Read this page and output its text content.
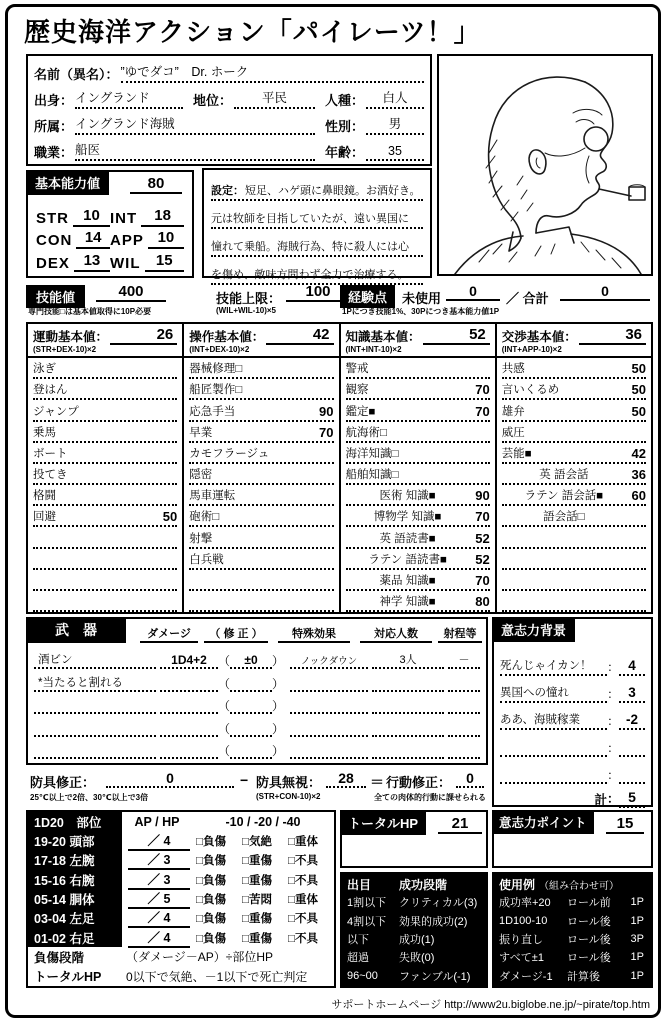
歴史海洋アクション「パイレーツ！」
名前（異名）： ”ゆでダコ”　Dr. ホーク
出身： イングランド	地位：	平民	人種：	白人
所属： イングランド海賊	性別：	男
職業： 船医	年齢：	35
基本能力値	80
STR 10 INT	18
CON 14 APP 10
DEX 13 WIL	15
設定： 短足、ハゲ頭に鼻眼鏡。お酒好き。
元は牧師を目指していたが、遠い異国に
憧れて乗船。海賊行為、特に殺人には心
を傷め、敵味方問わず全力で治療する。
技能値	400
専門技能□は基本値取得に10P必要
技能上限：	100
(WIL+WIL-10)×5
経験点	未使用	0	／ 合計	0
1Pにつき技能1%、30Pにつき基本能力値1P
運動基本値：	26
(STR+DEX-10)×2
泳ぎ
登はん
ジャンプ
乗馬
ボート
投てき
格闘
回避	50
操作基本値：	42
(INT+DEX-10)×2
器械修理□
船匠製作□
応急手当	90
早業	70
カモフラージュ
隠密
馬車運転
砲術□
射撃
白兵戦
知識基本値：	52
(INT+INT-10)×2
警戒
観察	70
鑑定■	70
航海術□
海洋知識□
船舶知識□
医術 知識■	90
博物学 知識■	70
英 語読書■	52
ラテン 語読書■	52
薬品 知識■	70
神学 知識■	80
交渉基本値：	36
(INT+APP-10)×2
共感	50
言いくるめ	50
雄弁	50
威圧
芸能■	42
英 語会話	36
ラテン 語会話■	60
語会話□
武　器	ダメージ	（ 修 正 ）	特殊効果	対応人数	射程等
酒ビン	1D4+2 （	±0	）	ノックダウン	3人	－
*当たると割れる	（	）
（	）
（	）
（	）
意志力背景
死んじゃイカン！	： 4
異国への憧れ	： 3
ああ、海賊稼業	： -2
：
：
計 ： 5
防具修正：	0
25℃以上で2倍、30℃以上で3倍
− 防具無視：	28
(STR+CON-10)×2
＝ 行動修正：	0
全ての肉体的行動に課せられる
1D20　部位	AP / HP	-10 / -20 / -40
19-20 頭部	／ 4	□負傷	□気絶	□重体
17-18 左腕	／ 3	□負傷	□重傷	□不具
15-16 右腕	／ 3	□負傷	□重傷	□不具
05-14 胴体	／ 5	□負傷	□苦悶	□重体
03-04 左足	／ 4	□負傷	□重傷	□不具
01-02 右足	／ 4	□負傷	□重傷	□不具
負傷段階	（ダメージ－AP）÷部位HP
トータルHP	0以下で気絶、－1以下で死亡判定
トータルHP	21
出目	成功段階
1割以下	クリティカル(3)
4割以下	効果的成功(2)
以下	成功(1)
超過	失敗(0)
96~00	ファンブル(-1)
意志力ポイント	15
使用例 （組み合わせ可）
成功率+20	ロール前	1P
1D100-10	ロール後	1P
振り直し	ロール後	3P
すべて±1	ロール後	1P
ダメージ-1	計算後	1P
サポートホームページ http://www2u.biglobe.ne.jp/~pirate/top.htm
